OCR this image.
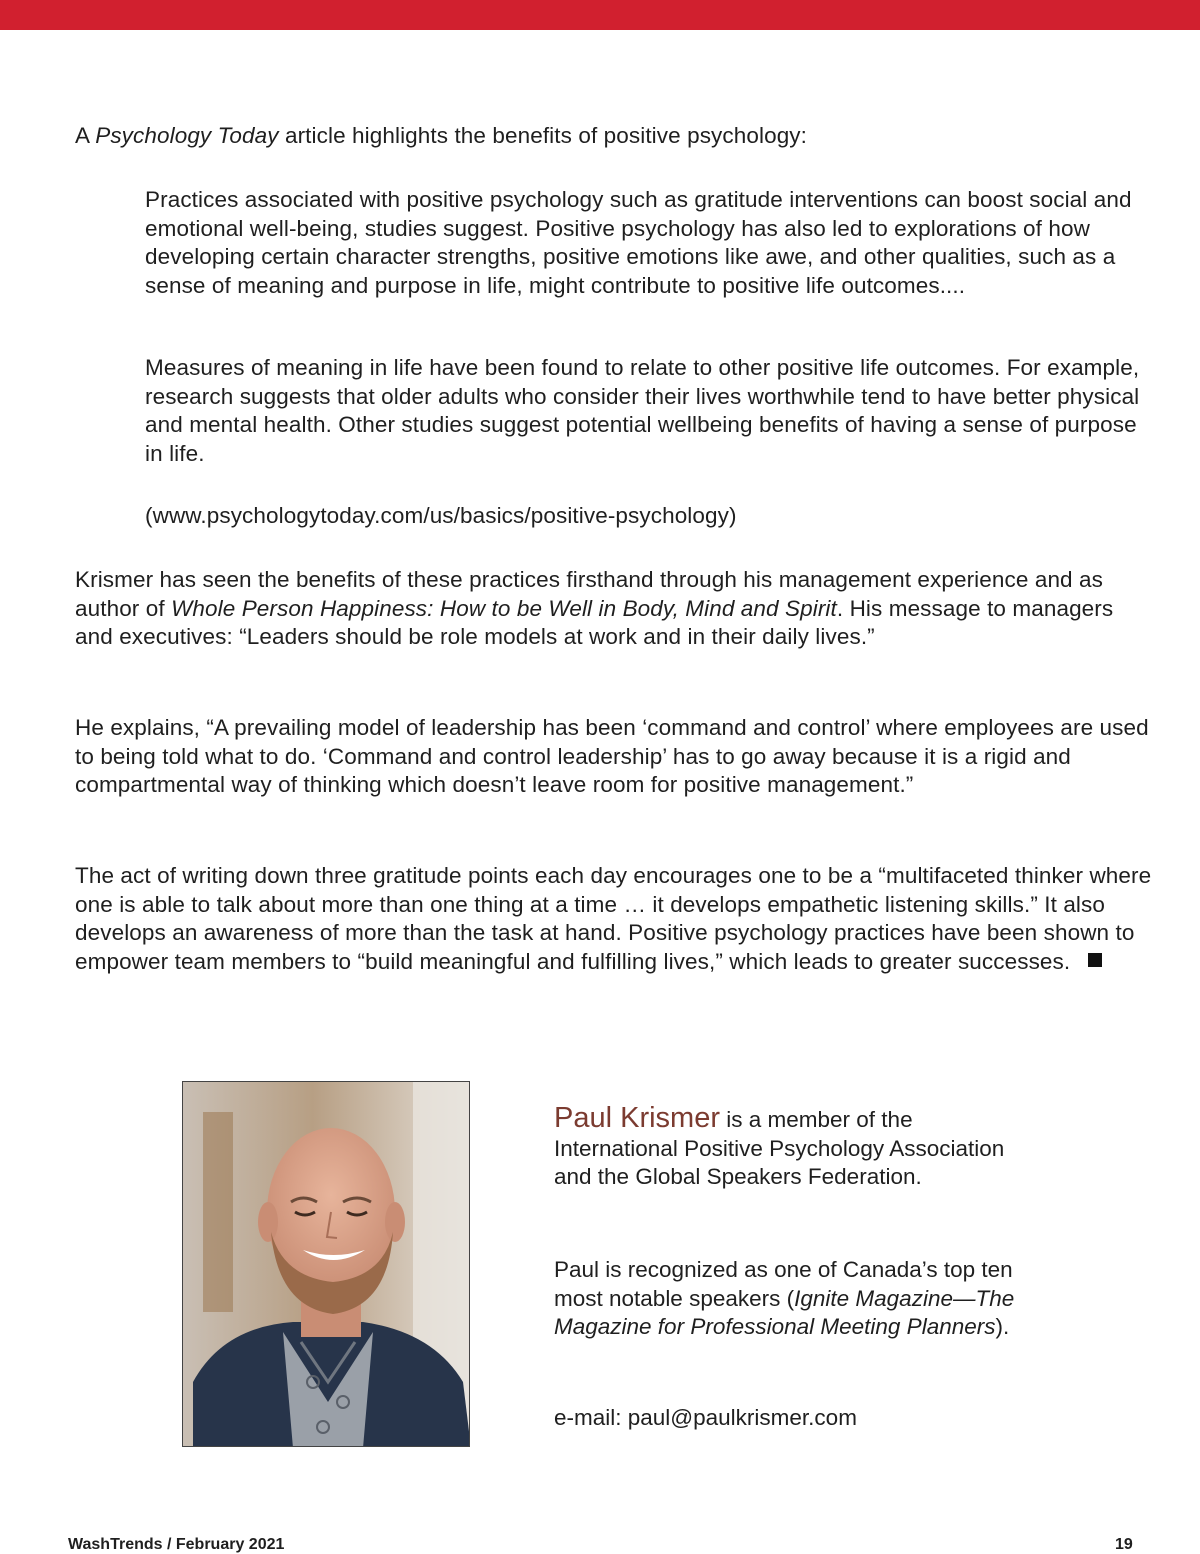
A Psychology Today article highlights the benefits of positive psychology:

Practices associated with positive psychology such as gratitude interventions can boost social and emotional well-being, studies suggest. Positive psychology has also led to explorations of how developing certain character strengths, positive emotions like awe, and other qualities, such as a sense of meaning and purpose in life, might contribute to positive life outcomes....

Measures of meaning in life have been found to relate to other positive life outcomes. For example, research suggests that older adults who consider their lives worthwhile tend to have better physical and mental health. Other studies suggest potential wellbeing benefits of having a sense of purpose in life.

(www.psychologytoday.com/us/basics/positive-psychology)

Krismer has seen the benefits of these practices firsthand through his management experience and as author of Whole Person Happiness: How to be Well in Body, Mind and Spirit. His message to managers and executives: “Leaders should be role models at work and in their daily lives.”

He explains, “A prevailing model of leadership has been ‘command and control’ where employees are used to being told what to do. ‘Command and control leadership’ has to go away because it is a rigid and compartmental way of thinking which doesn’t leave room for positive management.”

The act of writing down three gratitude points each day encourages one to be a “multifaceted thinker where one is able to talk about more than one thing at a time … it develops empathetic listening skills.” It also develops an awareness of more than the task at hand. Positive psychology practices have been shown to empower team members to “build meaningful and fulfilling lives,” which leads to greater successes.

Paul Krismer is a member of the International Positive Psychology Association and the Global Speakers Federation.

Paul is recognized as one of Canada’s top ten most notable speakers (Ignite Magazine—The Magazine for Professional Meeting Planners).

e-mail: paul@paulkrismer.com

WashTrends / February 2021	19
